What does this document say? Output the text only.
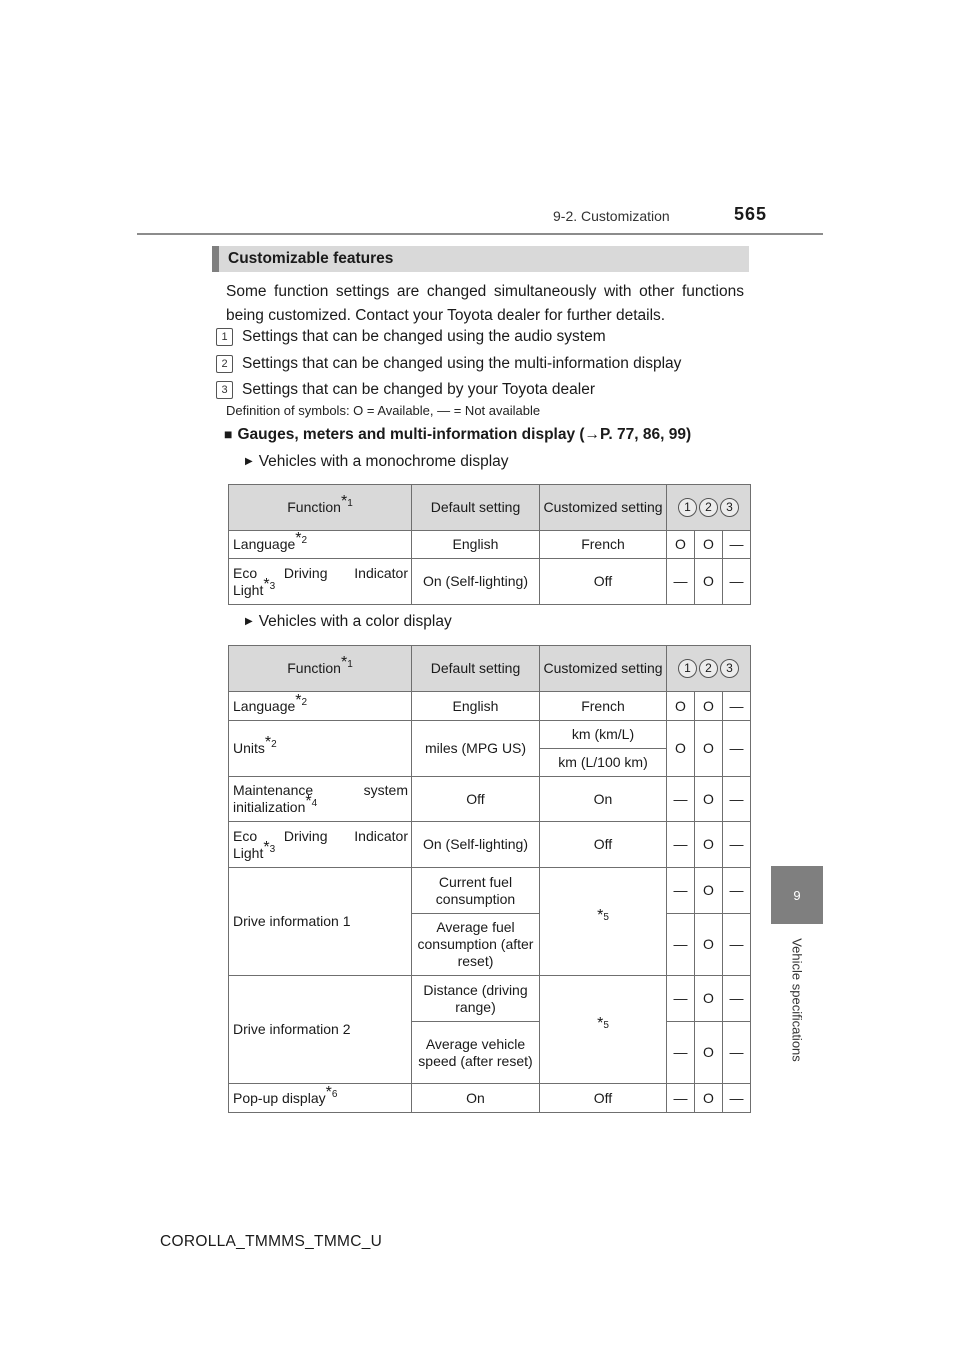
9-2. Customization	565
9
Vehicle specifications
Customizable features
Some function settings are changed simultaneously with other functions being customized. Contact your Toyota dealer for further details.
1 Settings that can be changed using the audio system
2 Settings that can be changed using the multi-information display
3 Settings that can be changed by your Toyota dealer
Definition of symbols: O = Available, — = Not available
■ Gauges, meters and multi-information display (→P. 77, 86, 99)
▶ Vehicles with a monochrome display
Function$^{*1}$	Default setting	Customized setting	1 2 3		
Language$^{*2}$	English	French	O	O	—
Eco Driving Indicator Light$^{*3}$	On (Self-lighting)	Off	—	O	—
▶ Vehicles with a color display
Function$^{*1}$	Default setting	Customized setting	1 2 3		
Language$^{*2}$	English	French	O	O	—
Units$^{*2}$	miles (MPG US)	km (km/L)	O	O	—
		km (L/100 km)			
Maintenance system initialization$^{*4}$	Off	On	—	O	—
Eco Driving Indicator Light$^{*3}$	On (Self-lighting)	Off	—	O	—
Drive information 1	Current fuel consumption	$^{*5}$	—	O	—
	Average fuel consumption (after reset)		—	O	—
Drive information 2	Distance (driving range)	$^{*5}$	—	O	—
	Average vehicle speed (after reset)		—	O	—
Pop-up display$^{*6}$	On	Off	—	O	—
COROLLA_TMMMS_TMMC_U
